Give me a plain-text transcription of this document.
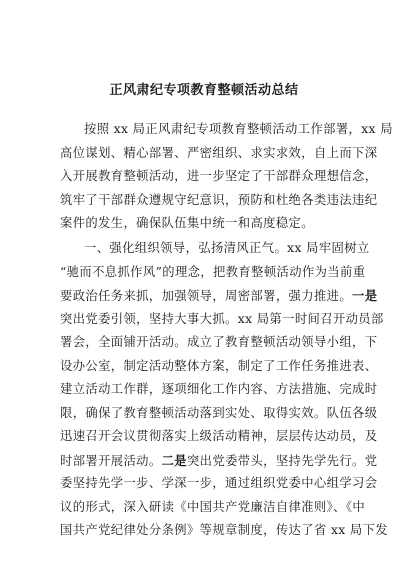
正风肃纪专项教育整顿活动总结
按照 xx 局正风肃纪专项教育整顿活动工作部署，xx 局
高位谋划、精心部署、严密组织、求实求效，自上而下深
入开展教育整顿活动，进一步坚定了干部群众理想信念，
筑牢了干部群众遵规守纪意识，预防和杜绝各类违法违纪
案件的发生，确保队伍集中统一和高度稳定。
一、强化组织领导，弘扬清风正气。xx 局牢固树立
“驰而不息抓作风”的理念，把教育整顿活动作为当前重
要政治任务来抓，加强领导，周密部署，强力推进。一是
突出党委引领，坚持大事大抓。xx 局第一时间召开动员部
署会，全面铺开活动。成立了教育整顿活动领导小组，下
设办公室，制定活动整体方案，制定了工作任务推进表、
建立活动工作群，逐项细化工作内容、方法措施、完成时
限，确保了教育整顿活动落到实处、取得实效。队伍各级
迅速召开会议贯彻落实上级活动精神，层层传达动员，及
时部署开展活动。二是突出党委带头，坚持先学先行。党
委坚持先学一步、学深一步，通过组织党委中心组学习会
议的形式，深入研读《中国共产党廉洁自律准则》、《中
国共产党纪律处分条例》等规章制度，传达了省 xx 局下发
